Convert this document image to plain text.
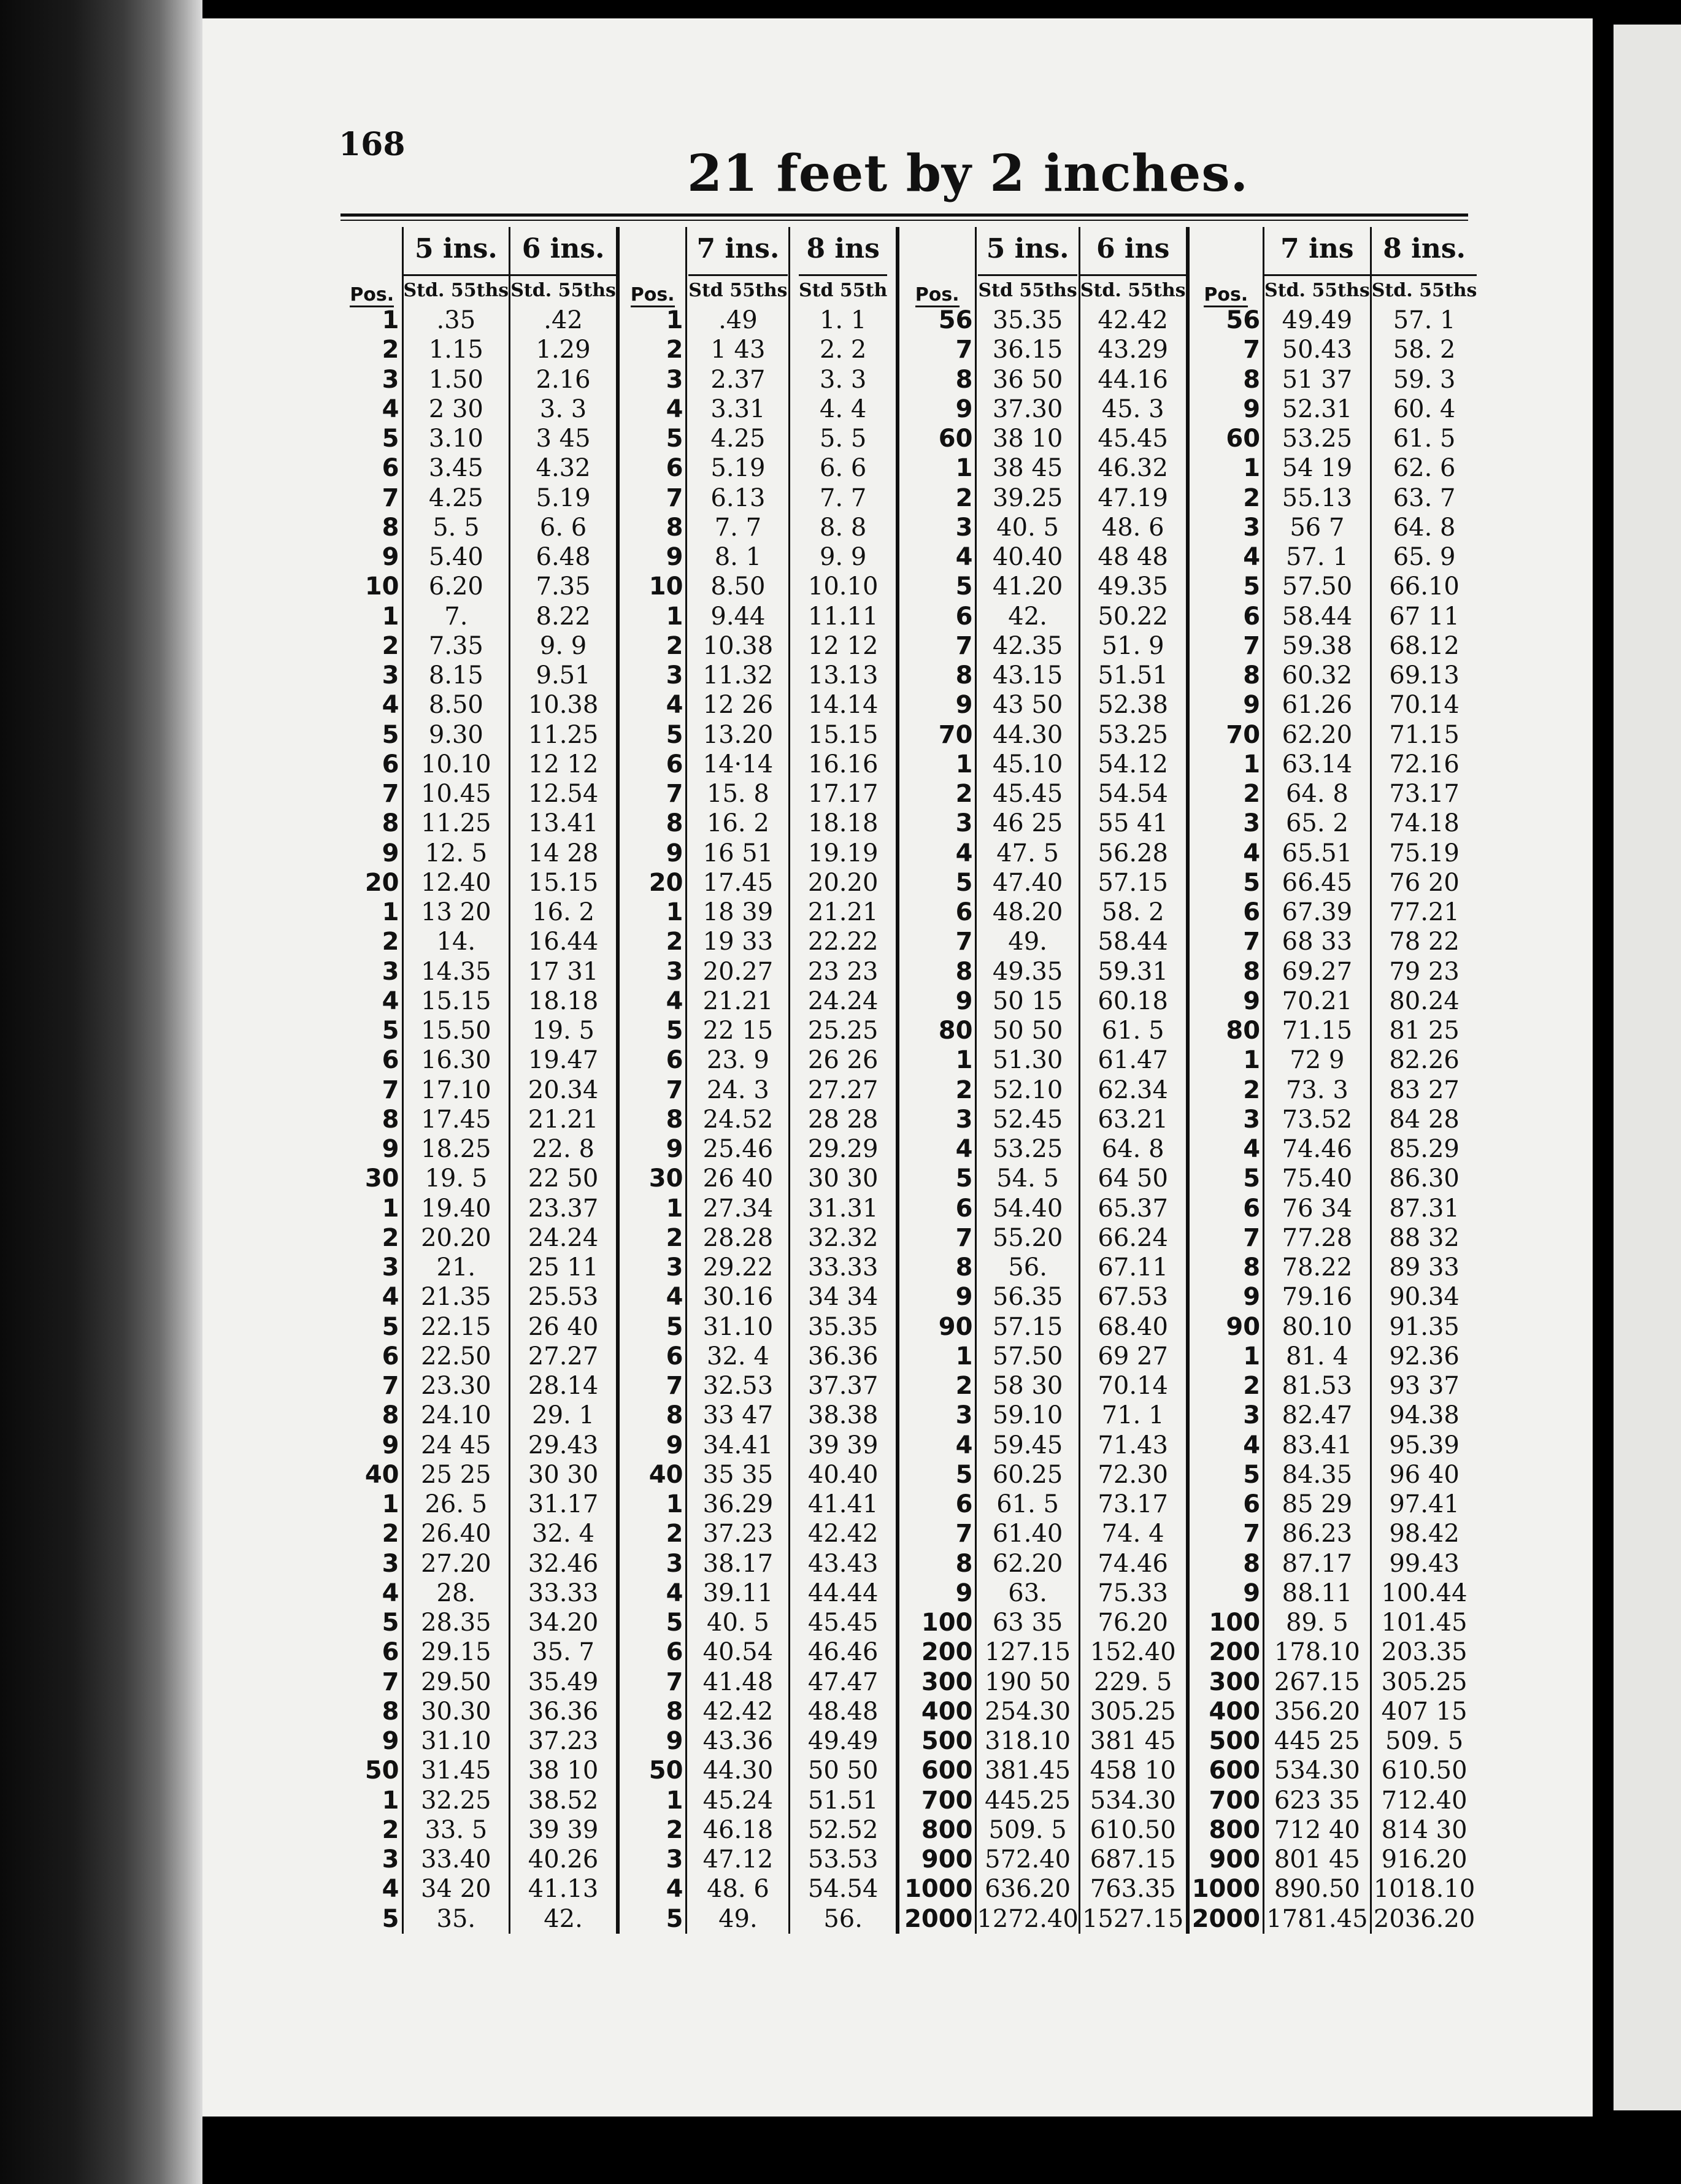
168	21 feet by 2 inches.
Pos.	5 ins.	6 ins.	Pos.	7 ins.	8 ins	Pos.	5 ins.	6 ins	Pos.	7 ins	8 ins.
	Std. 55ths	Std. 55ths		Std 55ths	Std 55th		Std 55ths	Std. 55ths		Std. 55ths	Std. 55ths
1	.35	.42	1	.49	1. 1	56	35.35	42.42	56	49.49	57. 1
2	1.15	1.29	2	1 43	2. 2	7	36.15	43.29	7	50.43	58. 2
3	1.50	2.16	3	2.37	3. 3	8	36 50	44.16	8	51 37	59. 3
4	2 30	3. 3	4	3.31	4. 4	9	37.30	45. 3	9	52.31	60. 4
5	3.10	3 45	5	4.25	5. 5	60	38 10	45.45	60	53.25	61. 5
6	3.45	4.32	6	5.19	6. 6	1	38 45	46.32	1	54 19	62. 6
7	4.25	5.19	7	6.13	7. 7	2	39.25	47.19	2	55.13	63. 7
8	5. 5	6. 6	8	7. 7	8. 8	3	40. 5	48. 6	3	56 7	64. 8
9	5.40	6.48	9	8. 1	9. 9	4	40.40	48 48	4	57. 1	65. 9
10	6.20	7.35	10	8.50	10.10	5	41.20	49.35	5	57.50	66.10
1	7.	8.22	1	9.44	11.11	6	42.	50.22	6	58.44	67 11
2	7.35	9. 9	2	10.38	12 12	7	42.35	51. 9	7	59.38	68.12
3	8.15	9.51	3	11.32	13.13	8	43.15	51.51	8	60.32	69.13
4	8.50	10.38	4	12 26	14.14	9	43 50	52.38	9	61.26	70.14
5	9.30	11.25	5	13.20	15.15	70	44.30	53.25	70	62.20	71.15
6	10.10	12 12	6	14·14	16.16	1	45.10	54.12	1	63.14	72.16
7	10.45	12.54	7	15. 8	17.17	2	45.45	54.54	2	64. 8	73.17
8	11.25	13.41	8	16. 2	18.18	3	46 25	55 41	3	65. 2	74.18
9	12. 5	14 28	9	16 51	19.19	4	47. 5	56.28	4	65.51	75.19
20	12.40	15.15	20	17.45	20.20	5	47.40	57.15	5	66.45	76 20
1	13 20	16. 2	1	18 39	21.21	6	48.20	58. 2	6	67.39	77.21
2	14.	16.44	2	19 33	22.22	7	49.	58.44	7	68 33	78 22
3	14.35	17 31	3	20.27	23 23	8	49.35	59.31	8	69.27	79 23
4	15.15	18.18	4	21.21	24.24	9	50 15	60.18	9	70.21	80.24
5	15.50	19. 5	5	22 15	25.25	80	50 50	61. 5	80	71.15	81 25
6	16.30	19.47	6	23. 9	26 26	1	51.30	61.47	1	72 9	82.26
7	17.10	20.34	7	24. 3	27.27	2	52.10	62.34	2	73. 3	83 27
8	17.45	21.21	8	24.52	28 28	3	52.45	63.21	3	73.52	84 28
9	18.25	22. 8	9	25.46	29.29	4	53.25	64. 8	4	74.46	85.29
30	19. 5	22 50	30	26 40	30 30	5	54. 5	64 50	5	75.40	86.30
1	19.40	23.37	1	27.34	31.31	6	54.40	65.37	6	76 34	87.31
2	20.20	24.24	2	28.28	32.32	7	55.20	66.24	7	77.28	88 32
3	21.	25 11	3	29.22	33.33	8	56.	67.11	8	78.22	89 33
4	21.35	25.53	4	30.16	34 34	9	56.35	67.53	9	79.16	90.34
5	22.15	26 40	5	31.10	35.35	90	57.15	68.40	90	80.10	91.35
6	22.50	27.27	6	32. 4	36.36	1	57.50	69 27	1	81. 4	92.36
7	23.30	28.14	7	32.53	37.37	2	58 30	70.14	2	81.53	93 37
8	24.10	29. 1	8	33 47	38.38	3	59.10	71. 1	3	82.47	94.38
9	24 45	29.43	9	34.41	39 39	4	59.45	71.43	4	83.41	95.39
40	25 25	30 30	40	35 35	40.40	5	60.25	72.30	5	84.35	96 40
1	26. 5	31.17	1	36.29	41.41	6	61. 5	73.17	6	85 29	97.41
2	26.40	32. 4	2	37.23	42.42	7	61.40	74. 4	7	86.23	98.42
3	27.20	32.46	3	38.17	43.43	8	62.20	74.46	8	87.17	99.43
4	28.	33.33	4	39.11	44.44	9	63.	75.33	9	88.11	100.44
5	28.35	34.20	5	40. 5	45.45	100	63 35	76.20	100	89. 5	101.45
6	29.15	35. 7	6	40.54	46.46	200	127.15	152.40	200	178.10	203.35
7	29.50	35.49	7	41.48	47.47	300	190 50	229. 5	300	267.15	305.25
8	30.30	36.36	8	42.42	48.48	400	254.30	305.25	400	356.20	407 15
9	31.10	37.23	9	43.36	49.49	500	318.10	381 45	500	445 25	509. 5
50	31.45	38 10	50	44.30	50 50	600	381.45	458 10	600	534.30	610.50
1	32.25	38.52	1	45.24	51.51	700	445.25	534.30	700	623 35	712.40
2	33. 5	39 39	2	46.18	52.52	800	509. 5	610.50	800	712 40	814 30
3	33.40	40.26	3	47.12	53.53	900	572.40	687.15	900	801 45	916.20
4	34 20	41.13	4	48. 6	54.54	1000	636.20	763.35	1000	890.50	1018.10
5	35.	42.	5	49.	56.	2000	1272.40	1527.15	2000	1781.45	2036.20
